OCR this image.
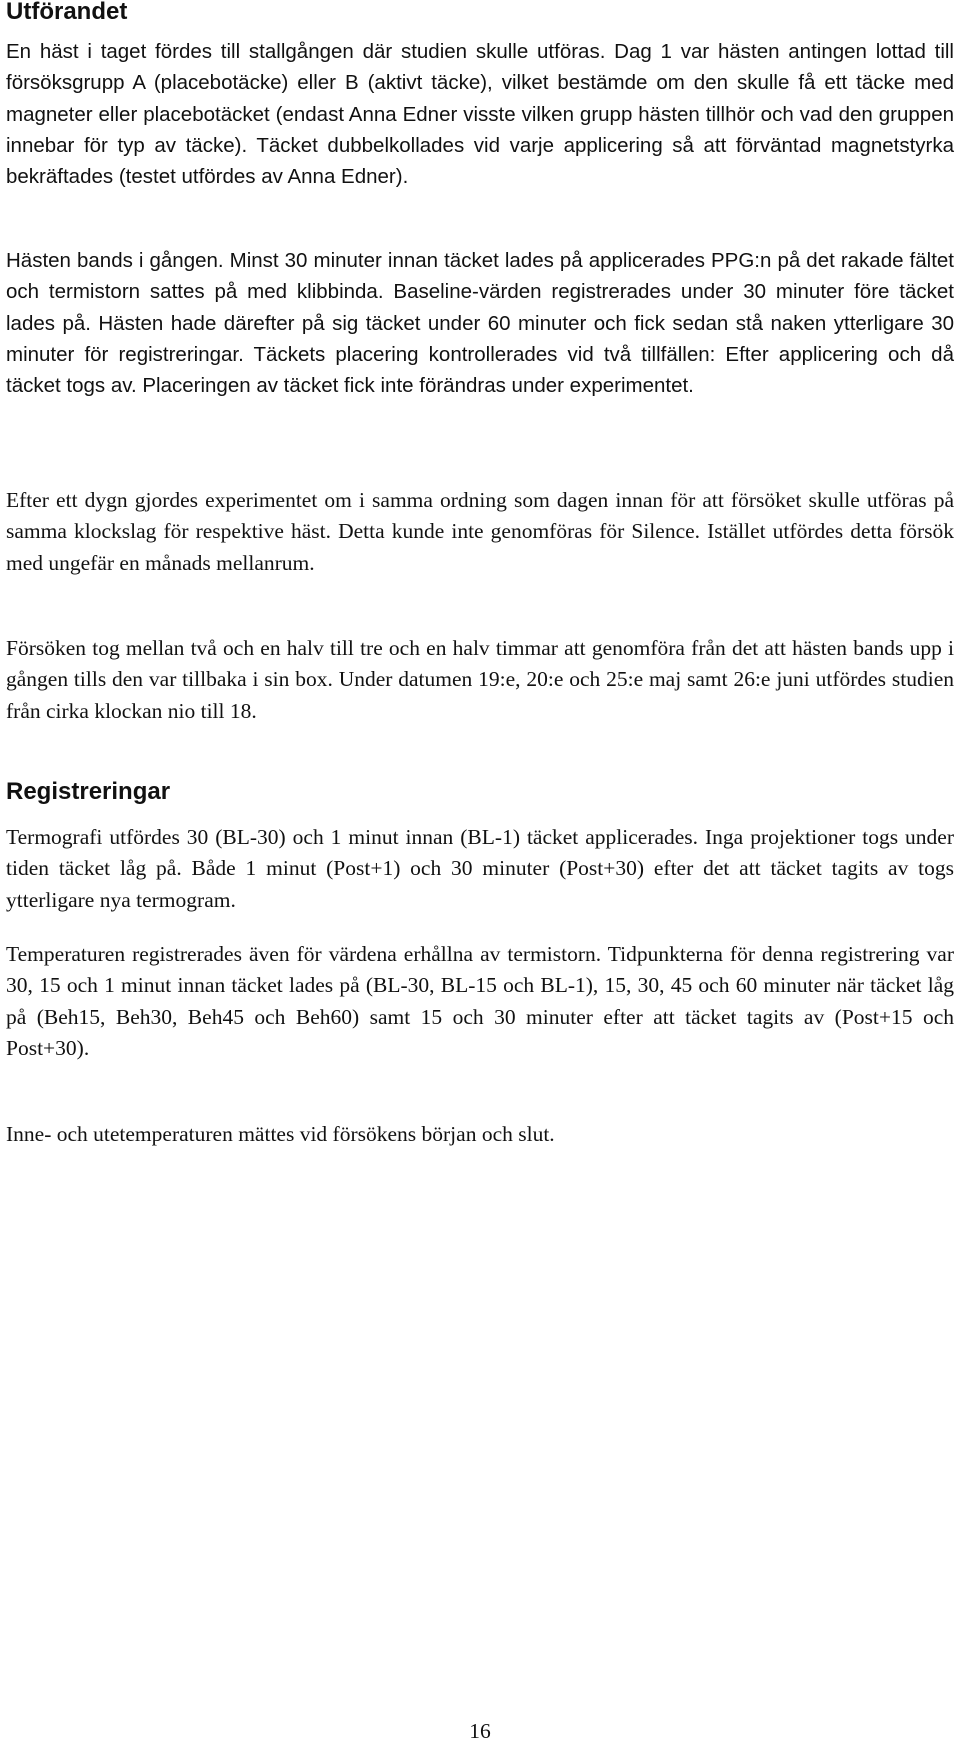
Utförandet

En häst i taget fördes till stallgången där studien skulle utföras. Dag 1 var hästen antingen lottad till försöksgrupp A (placebotäcke) eller B (aktivt täcke), vilket bestämde om den skulle få ett täcke med magneter eller placebotäcket (endast Anna Edner visste vilken grupp hästen tillhör och vad den gruppen innebar för typ av täcke). Täcket dubbelkollades vid varje applicering så att förväntad magnetstyrka bekräftades (testet utfördes av Anna Edner).

Hästen bands i gången. Minst 30 minuter innan täcket lades på applicerades PPG:n på det rakade fältet och termistorn sattes på med klibbinda. Baseline-värden registrerades under 30 minuter före täcket lades på. Hästen hade därefter på sig täcket under 60 minuter och fick sedan stå naken ytterligare 30 minuter för registreringar. Täckets placering kontrollerades vid två tillfällen: Efter applicering och då täcket togs av. Placeringen av täcket fick inte förändras under experimentet.

Efter ett dygn gjordes experimentet om i samma ordning som dagen innan för att försöket skulle utföras på samma klockslag för respektive häst. Detta kunde inte genomföras för Silence. Istället utfördes detta försök med ungefär en månads mellanrum.

Försöken tog mellan två och en halv till tre och en halv timmar att genomföra från det att hästen bands upp i gången tills den var tillbaka i sin box. Under datumen 19:e, 20:e och 25:e maj samt 26:e juni utfördes studien från cirka klockan nio till 18.

Registreringar

Termografi utfördes 30 (BL-30) och 1 minut innan (BL-1) täcket applicerades. Inga projektioner togs under tiden täcket låg på. Både 1 minut (Post+1) och 30 minuter (Post+30) efter det att täcket tagits av togs ytterligare nya termogram.

Temperaturen registrerades även för värdena erhållna av termistorn. Tidpunkterna för denna registrering var 30, 15 och 1 minut innan täcket lades på (BL-30, BL-15 och BL-1), 15, 30, 45 och 60 minuter när täcket låg på (Beh15, Beh30, Beh45 och Beh60) samt 15 och 30 minuter efter att täcket tagits av (Post+15 och Post+30).

Inne- och utetemperaturen mättes vid försökens början och slut.

16
